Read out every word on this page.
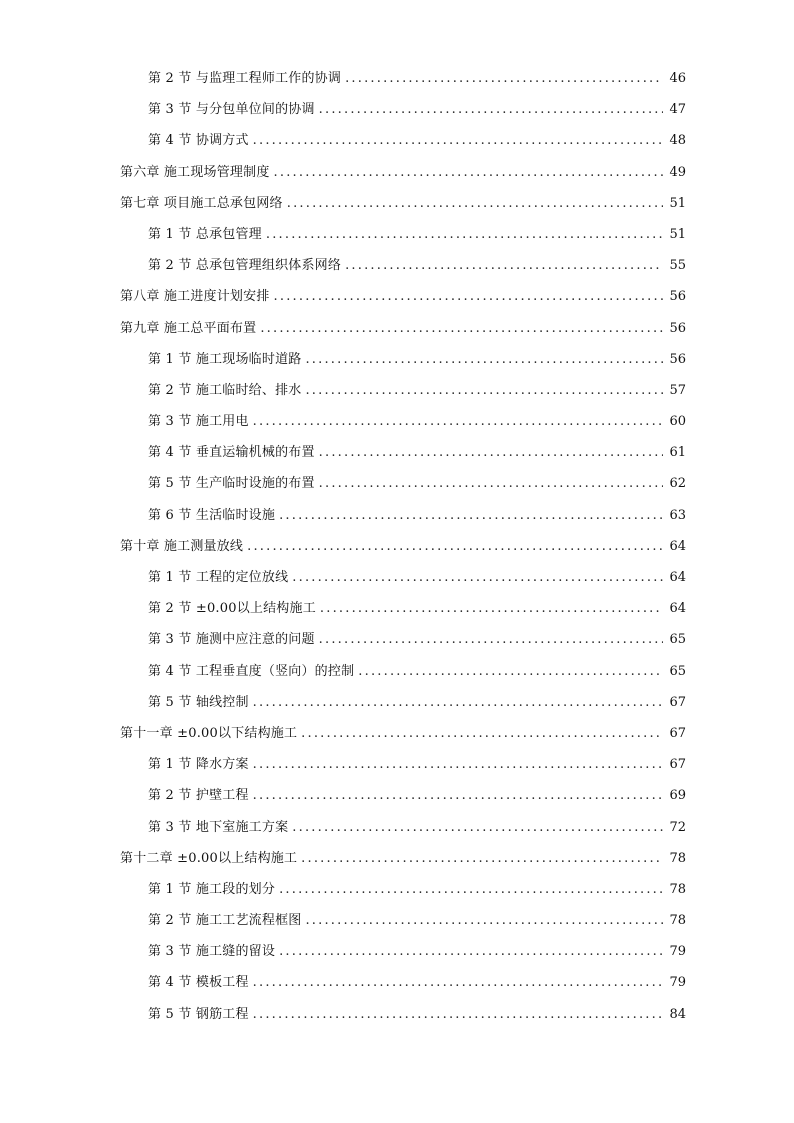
第 2 节 与监理工程师工作的协调 .....	46
第 3 节 与分包单位间的协调 .....	47
第 4 节 协调方式 .....	48
第六章 施工现场管理制度 .....	49
第七章 项目施工总承包网络 .....	51
第 1 节 总承包管理 .....	51
第 2 节 总承包管理组织体系网络 .....	55
第八章 施工进度计划安排 .....	56
第九章 施工总平面布置 .....	56
第 1 节 施工现场临时道路 .....	56
第 2 节 施工临时给、排水 .....	57
第 3 节 施工用电 .....	60
第 4 节 垂直运输机械的布置 .....	61
第 5 节 生产临时设施的布置 .....	62
第 6 节 生活临时设施 .....	63
第十章 施工测量放线 .....	64
第 1 节 工程的定位放线 .....	64
第 2 节 ±0.00以上结构施工 .....	64
第 3 节 施测中应注意的问题 .....	65
第 4 节 工程垂直度（竖向）的控制 .....	65
第 5 节 轴线控制 .....	67
第十一章 ±0.00以下结构施工 .....	67
第 1 节 降水方案 .....	67
第 2 节 护壁工程 .....	69
第 3 节 地下室施工方案 .....	72
第十二章 ±0.00以上结构施工 .....	78
第 1 节 施工段的划分 .....	78
第 2 节 施工工艺流程框图 .....	78
第 3 节 施工缝的留设 .....	79
第 4 节 模板工程 .....	79
第 5 节 钢筋工程 .....	84
